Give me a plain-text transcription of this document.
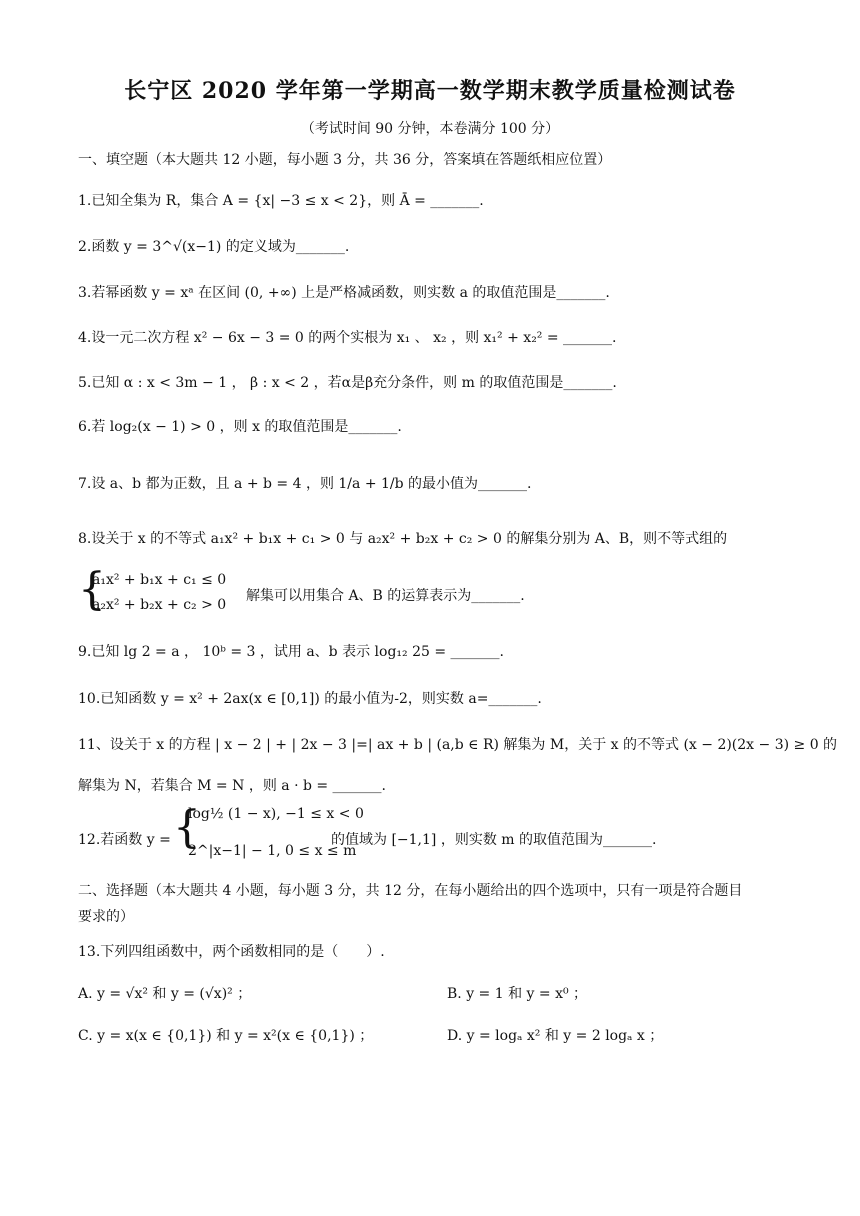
长宁区 2020 学年第一学期高一数学期末教学质量检测试卷
（考试时间 90 分钟，本卷满分 100 分）
一、填空题（本大题共 12 小题，每小题 3 分，共 36 分，答案填在答题纸相应位置）
1.已知全集为 R，集合 A = {x| −3 ≤ x < 2}，则 Ā = _______.
2.函数 y = 3^√(x−1) 的定义域为_______.
3.若幂函数 y = xᵃ 在区间 (0, +∞) 上是严格减函数，则实数 a 的取值范围是_______.
4.设一元二次方程 x² − 6x − 3 = 0 的两个实根为 x₁ 、 x₂ ，则 x₁² + x₂² = _______.
5.已知 α : x < 3m − 1 ， β : x < 2 ，若α是β充分条件，则 m 的取值范围是_______.
6.若 log₂(x − 1) > 0 ，则 x 的取值范围是_______.
7.设 a、b 都为正数，且 a + b = 4 ，则 1/a + 1/b 的最小值为_______.
8.设关于 x 的不等式 a₁x² + b₁x + c₁ > 0 与 a₂x² + b₂x + c₂ > 0 的解集分别为 A、B，则不等式组的
{
a₁x² + b₁x + c₁ ≤ 0
a₂x² + b₂x + c₂ > 0
解集可以用集合 A、B 的运算表示为_______.
9.已知 lg 2 = a ， 10ᵇ = 3 ，试用 a、b 表示 log₁₂ 25 = _______.
10.已知函数 y = x² + 2ax(x ∈ [0,1]) 的最小值为-2，则实数 a=_______.
11、设关于 x 的方程 | x − 2 | + | 2x − 3 |=| ax + b | (a,b ∈ R) 解集为 M，关于 x 的不等式 (x − 2)(2x − 3) ≥ 0 的
解集为 N，若集合 M = N ，则 a · b = _______.
12.若函数 y = {
log½ (1 − x), −1 ≤ x < 0
2^|x−1| − 1, 0 ≤ x ≤ m
的值域为 [−1,1] ，则实数 m 的取值范围为_______.
二、选择题（本大题共 4 小题，每小题 3 分，共 12 分，在每小题给出的四个选项中，只有一项是符合题目
要求的）
13.下列四组函数中，两个函数相同的是（　　）.
A. y = √x² 和 y = (√x)² ；	B. y = 1 和 y = x⁰ ；
C. y = x(x ∈ {0,1}) 和 y = x²(x ∈ {0,1}) ；	D. y = logₐ x² 和 y = 2 logₐ x ；
